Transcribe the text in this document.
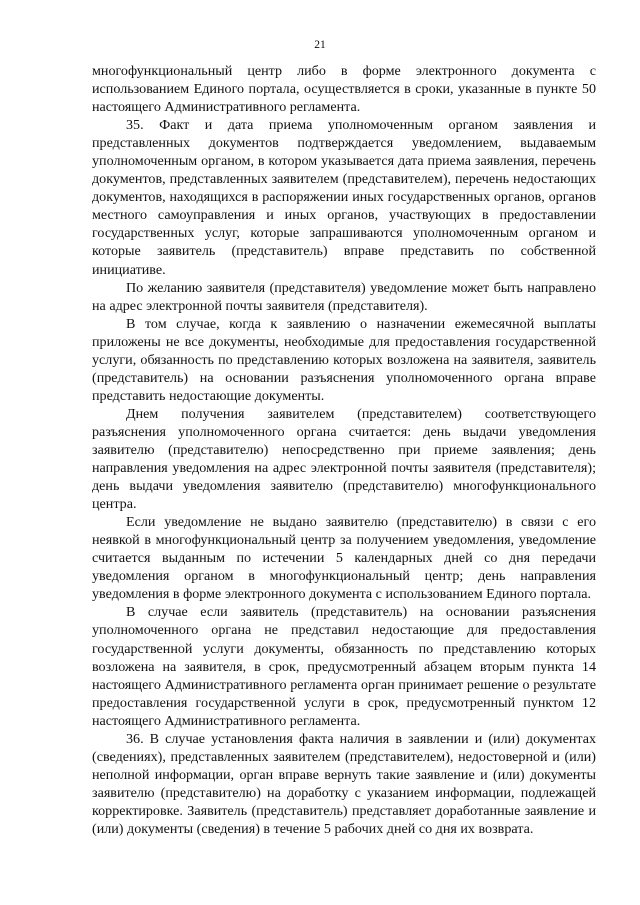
21

многофункциональный центр либо в форме электронного документа с использованием Единого портала, осуществляется в сроки, указанные в пункте 50 настоящего Административного регламента.

35. Факт и дата приема уполномоченным органом заявления и представленных документов подтверждается уведомлением, выдаваемым уполномоченным органом, в котором указывается дата приема заявления, перечень документов, представленных заявителем (представителем), перечень недостающих документов, находящихся в распоряжении иных государственных органов, органов местного самоуправления и иных органов, участвующих в предоставлении государственных услуг, которые запрашиваются уполномоченным органом и которые заявитель (представитель) вправе представить по собственной инициативе.

По желанию заявителя (представителя) уведомление может быть направлено на адрес электронной почты заявителя (представителя).

В том случае, когда к заявлению о назначении ежемесячной выплаты приложены не все документы, необходимые для предоставления государственной услуги, обязанность по представлению которых возложена на заявителя, заявитель (представитель) на основании разъяснения уполномоченного органа вправе представить недостающие документы.

Днем получения заявителем (представителем) соответствующего разъяснения уполномоченного органа считается: день выдачи уведомления заявителю (представителю) непосредственно при приеме заявления; день направления уведомления на адрес электронной почты заявителя (представителя); день выдачи уведомления заявителю (представителю) многофункционального центра.

Если уведомление не выдано заявителю (представителю) в связи с его неявкой в многофункциональный центр за получением уведомления, уведомление считается выданным по истечении 5 календарных дней со дня передачи уведомления органом в многофункциональный центр; день направления уведомления в форме электронного документа с использованием Единого портала.

В случае если заявитель (представитель) на основании разъяснения уполномоченного органа не представил недостающие для предоставления государственной услуги документы, обязанность по представлению которых возложена на заявителя, в срок, предусмотренный абзацем вторым пункта 14 настоящего Административного регламента орган принимает решение о результате предоставления государственной услуги в срок, предусмотренный пунктом 12 настоящего Административного регламента.

36. В случае установления факта наличия в заявлении и (или) документах (сведениях), представленных заявителем (представителем), недостоверной и (или) неполной информации, орган вправе вернуть такие заявление и (или) документы заявителю (представителю) на доработку с указанием информации, подлежащей корректировке. Заявитель (представитель) представляет доработанные заявление и (или) документы (сведения) в течение 5 рабочих дней со дня их возврата.
